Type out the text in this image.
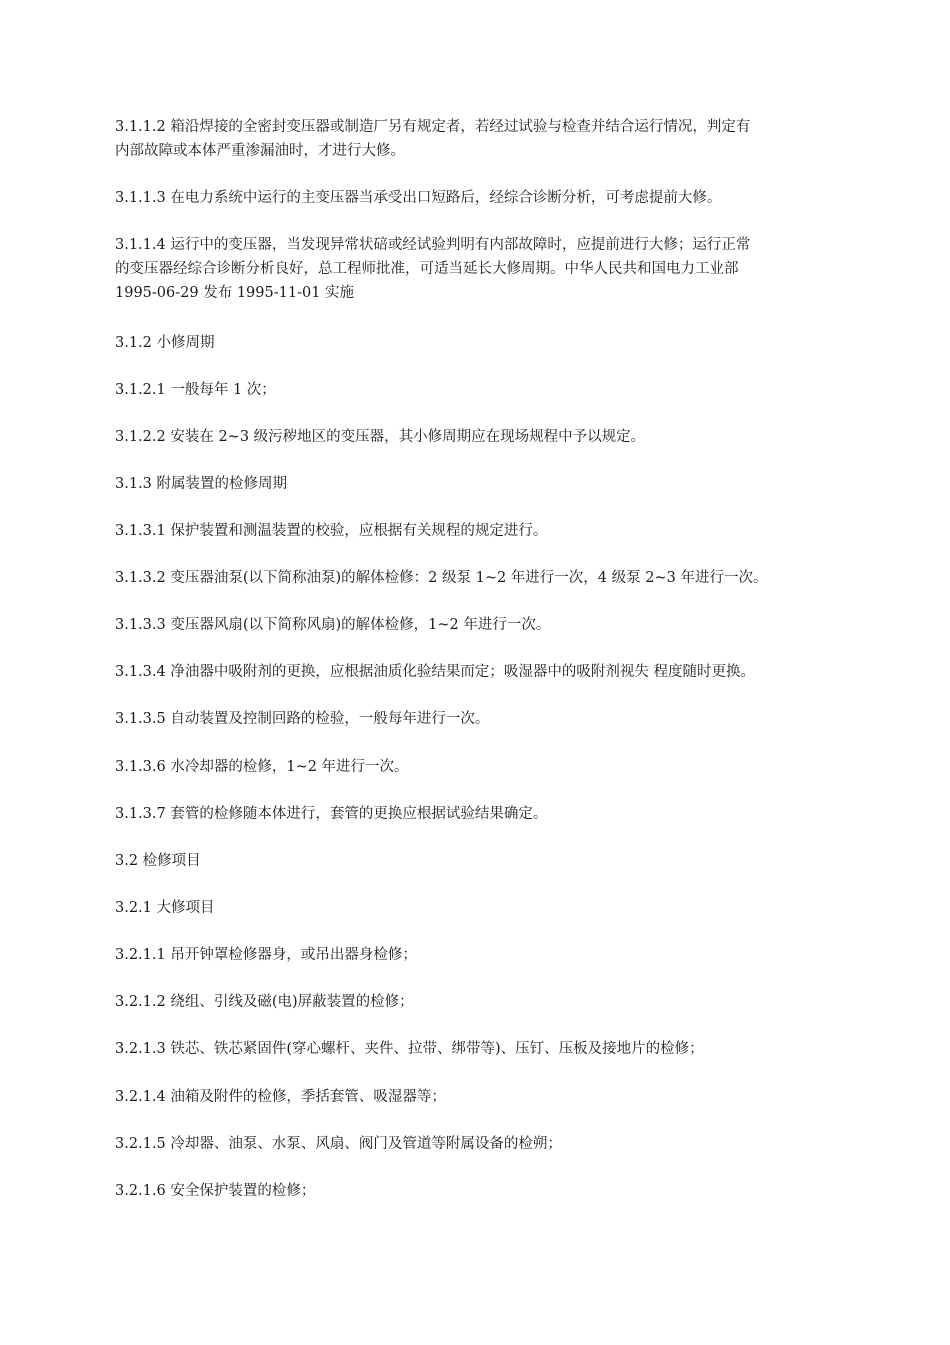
3.1.1.2 箱沿焊接的全密封变压器或制造厂另有规定者，若经过试验与检查并结合运行情况，判定有

内部故障或本体严重渗漏油时，才进行大修。

3.1.1.3 在电力系统中运行的主变压器当承受出口短路后，经综合诊断分析，可考虑提前大修。

3.1.1.4 运行中的变压器，当发现异常状碚或经试验判明有内部故障时，应提前进行大修；运行正常

的变压器经综合诊断分析良好，总工程师批准，可适当延长大修周期。中华人民共和国电力工业部

1995-06-29 发布 1995-11-01 实施

3.1.2 小修周期

3.1.2.1 一般每年 1 次；

3.1.2.2 安装在 2~3 级污秽地区的变压器，其小修周期应在现场规程中予以规定。

3.1.3 附属装置的检修周期

3.1.3.1 保护装置和测温装置的校验，应根据有关规程的规定进行。

3.1.3.2 变压器油泵(以下简称油泵)的解体检修：2 级泵 1~2 年进行一次，4 级泵 2~3 年进行一次。

3.1.3.3 变压器风扇(以下简称风扇)的解体检修，1~2 年进行一次。

3.1.3.4 净油器中吸附剂的更换，应根据油质化验结果而定；吸湿器中的吸附剂视失 程度随时更换。

3.1.3.5 自动装置及控制回路的检验，一般每年进行一次。

3.1.3.6 水冷却器的检修，1~2 年进行一次。

3.1.3.7 套管的检修随本体进行，套管的更换应根据试验结果确定。

3.2 检修项目

3.2.1 大修项目

3.2.1.1 吊开钟罩检修器身，或吊出器身检修；

3.2.1.2 绕组、引线及磁(电)屏蔽装置的检修；

3.2.1.3 铁芯、铁芯紧固件(穿心螺杆、夹件、拉带、绑带等)、压钉、压板及接地片的检修；

3.2.1.4 油箱及附件的检修，季括套管、吸湿器等；

3.2.1.5 冷却器、油泵、水泵、风扇、阀门及管道等附属设备的检朔；

3.2.1.6 安全保护装置的检修；
